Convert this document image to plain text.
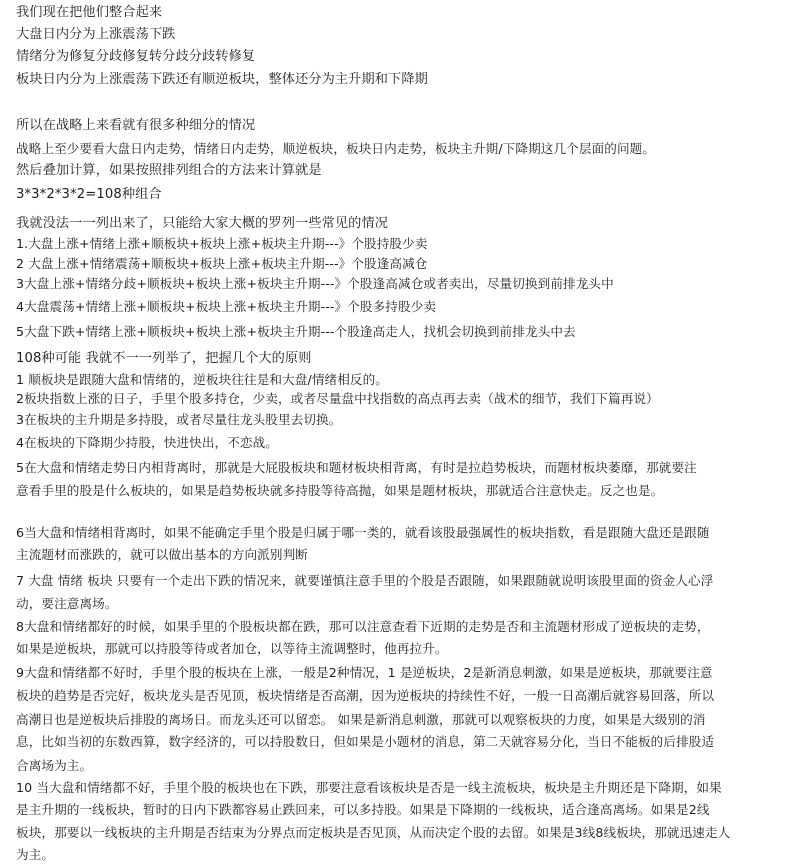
我们现在把他们整合起来
大盘日内分为上涨震荡下跌
情绪分为修复分歧修复转分歧分歧转修复
板块日内分为上涨震荡下跌还有顺逆板块，整体还分为主升期和下降期
所以在战略上来看就有很多种细分的情况
战略上至少要看大盘日内走势，情绪日内走势，顺逆板块，板块日内走势，板块主升期/下降期这几个层面的问题。
然后叠加计算，如果按照排列组合的方法来计算就是
3*3*2*3*2=108种组合
我就没法一一列出来了，只能给大家大概的罗列一些常见的情况
1.大盘上涨+情绪上涨+顺板块+板块上涨+板块主升期---》个股持股少卖
2 大盘上涨+情绪震荡+顺板块+板块上涨+板块主升期---》个股逢高减仓
3大盘上涨+情绪分歧+顺板块+板块上涨+板块主升期---》个股逢高减仓或者卖出，尽量切换到前排龙头中
4大盘震荡+情绪上涨+顺板块+板块上涨+板块主升期---》个股多持股少卖
5大盘下跌+情绪上涨+顺板块+板块上涨+板块主升期---个股逢高走人，找机会切换到前排龙头中去
108种可能 我就不一一列举了，把握几个大的原则
1 顺板块是跟随大盘和情绪的，逆板块往往是和大盘/情绪相反的。
2板块指数上涨的日子，手里个股多持仓，少卖，或者尽量盘中找指数的高点再去卖（战术的细节，我们下篇再说）
3在板块的主升期是多持股，或者尽量往龙头股里去切换。
4在板块的下降期少持股，快进快出，不恋战。
5在大盘和情绪走势日内相背离时，那就是大屁股板块和题材板块相背离，有时是拉趋势板块，而题材板块萎靡，那就要注
意看手里的股是什么板块的，如果是趋势板块就多持股等待高抛，如果是题材板块，那就适合注意快走。反之也是。
6当大盘和情绪相背离时，如果不能确定手里个股是归属于哪一类的，就看该股最强属性的板块指数，看是跟随大盘还是跟随
主流题材而涨跌的，就可以做出基本的方向派别判断
7 大盘 情绪 板块 只要有一个走出下跌的情况来，就要谨慎注意手里的个股是否跟随，如果跟随就说明该股里面的资金人心浮
动，要注意离场。
8大盘和情绪都好的时候，如果手里的个股板块都在跌，那可以注意查看下近期的走势是否和主流题材形成了逆板块的走势，
如果是逆板块，那就可以持股等待或者加仓，以等待主流调整时，他再拉升。
9大盘和情绪都不好时，手里个股的板块在上涨，一般是2种情况，1 是逆板块，2是新消息刺激，如果是逆板块，那就要注意
板块的趋势是否完好，板块龙头是否见顶，板块情绪是否高潮，因为逆板块的持续性不好，一般一日高潮后就容易回落，所以
高潮日也是逆板块后排股的离场日。而龙头还可以留恋。 如果是新消息刺激，那就可以观察板块的力度，如果是大级别的消
息，比如当初的东数西算，数字经济的，可以持股数日，但如果是小题材的消息，第二天就容易分化，当日不能板的后排股适
合离场为主。
10 当大盘和情绪都不好，手里个股的板块也在下跌，那要注意看该板块是否是一线主流板块，板块是主升期还是下降期，如果
是主升期的一线板块，暂时的日内下跌都容易止跌回来，可以多持股。如果是下降期的一线板块，适合逢高离场。如果是2线
板块，那要以一线板块的主升期是否结束为分界点而定板块是否见顶，从而决定个股的去留。如果是3线8线板块，那就迅速走人
为主。
